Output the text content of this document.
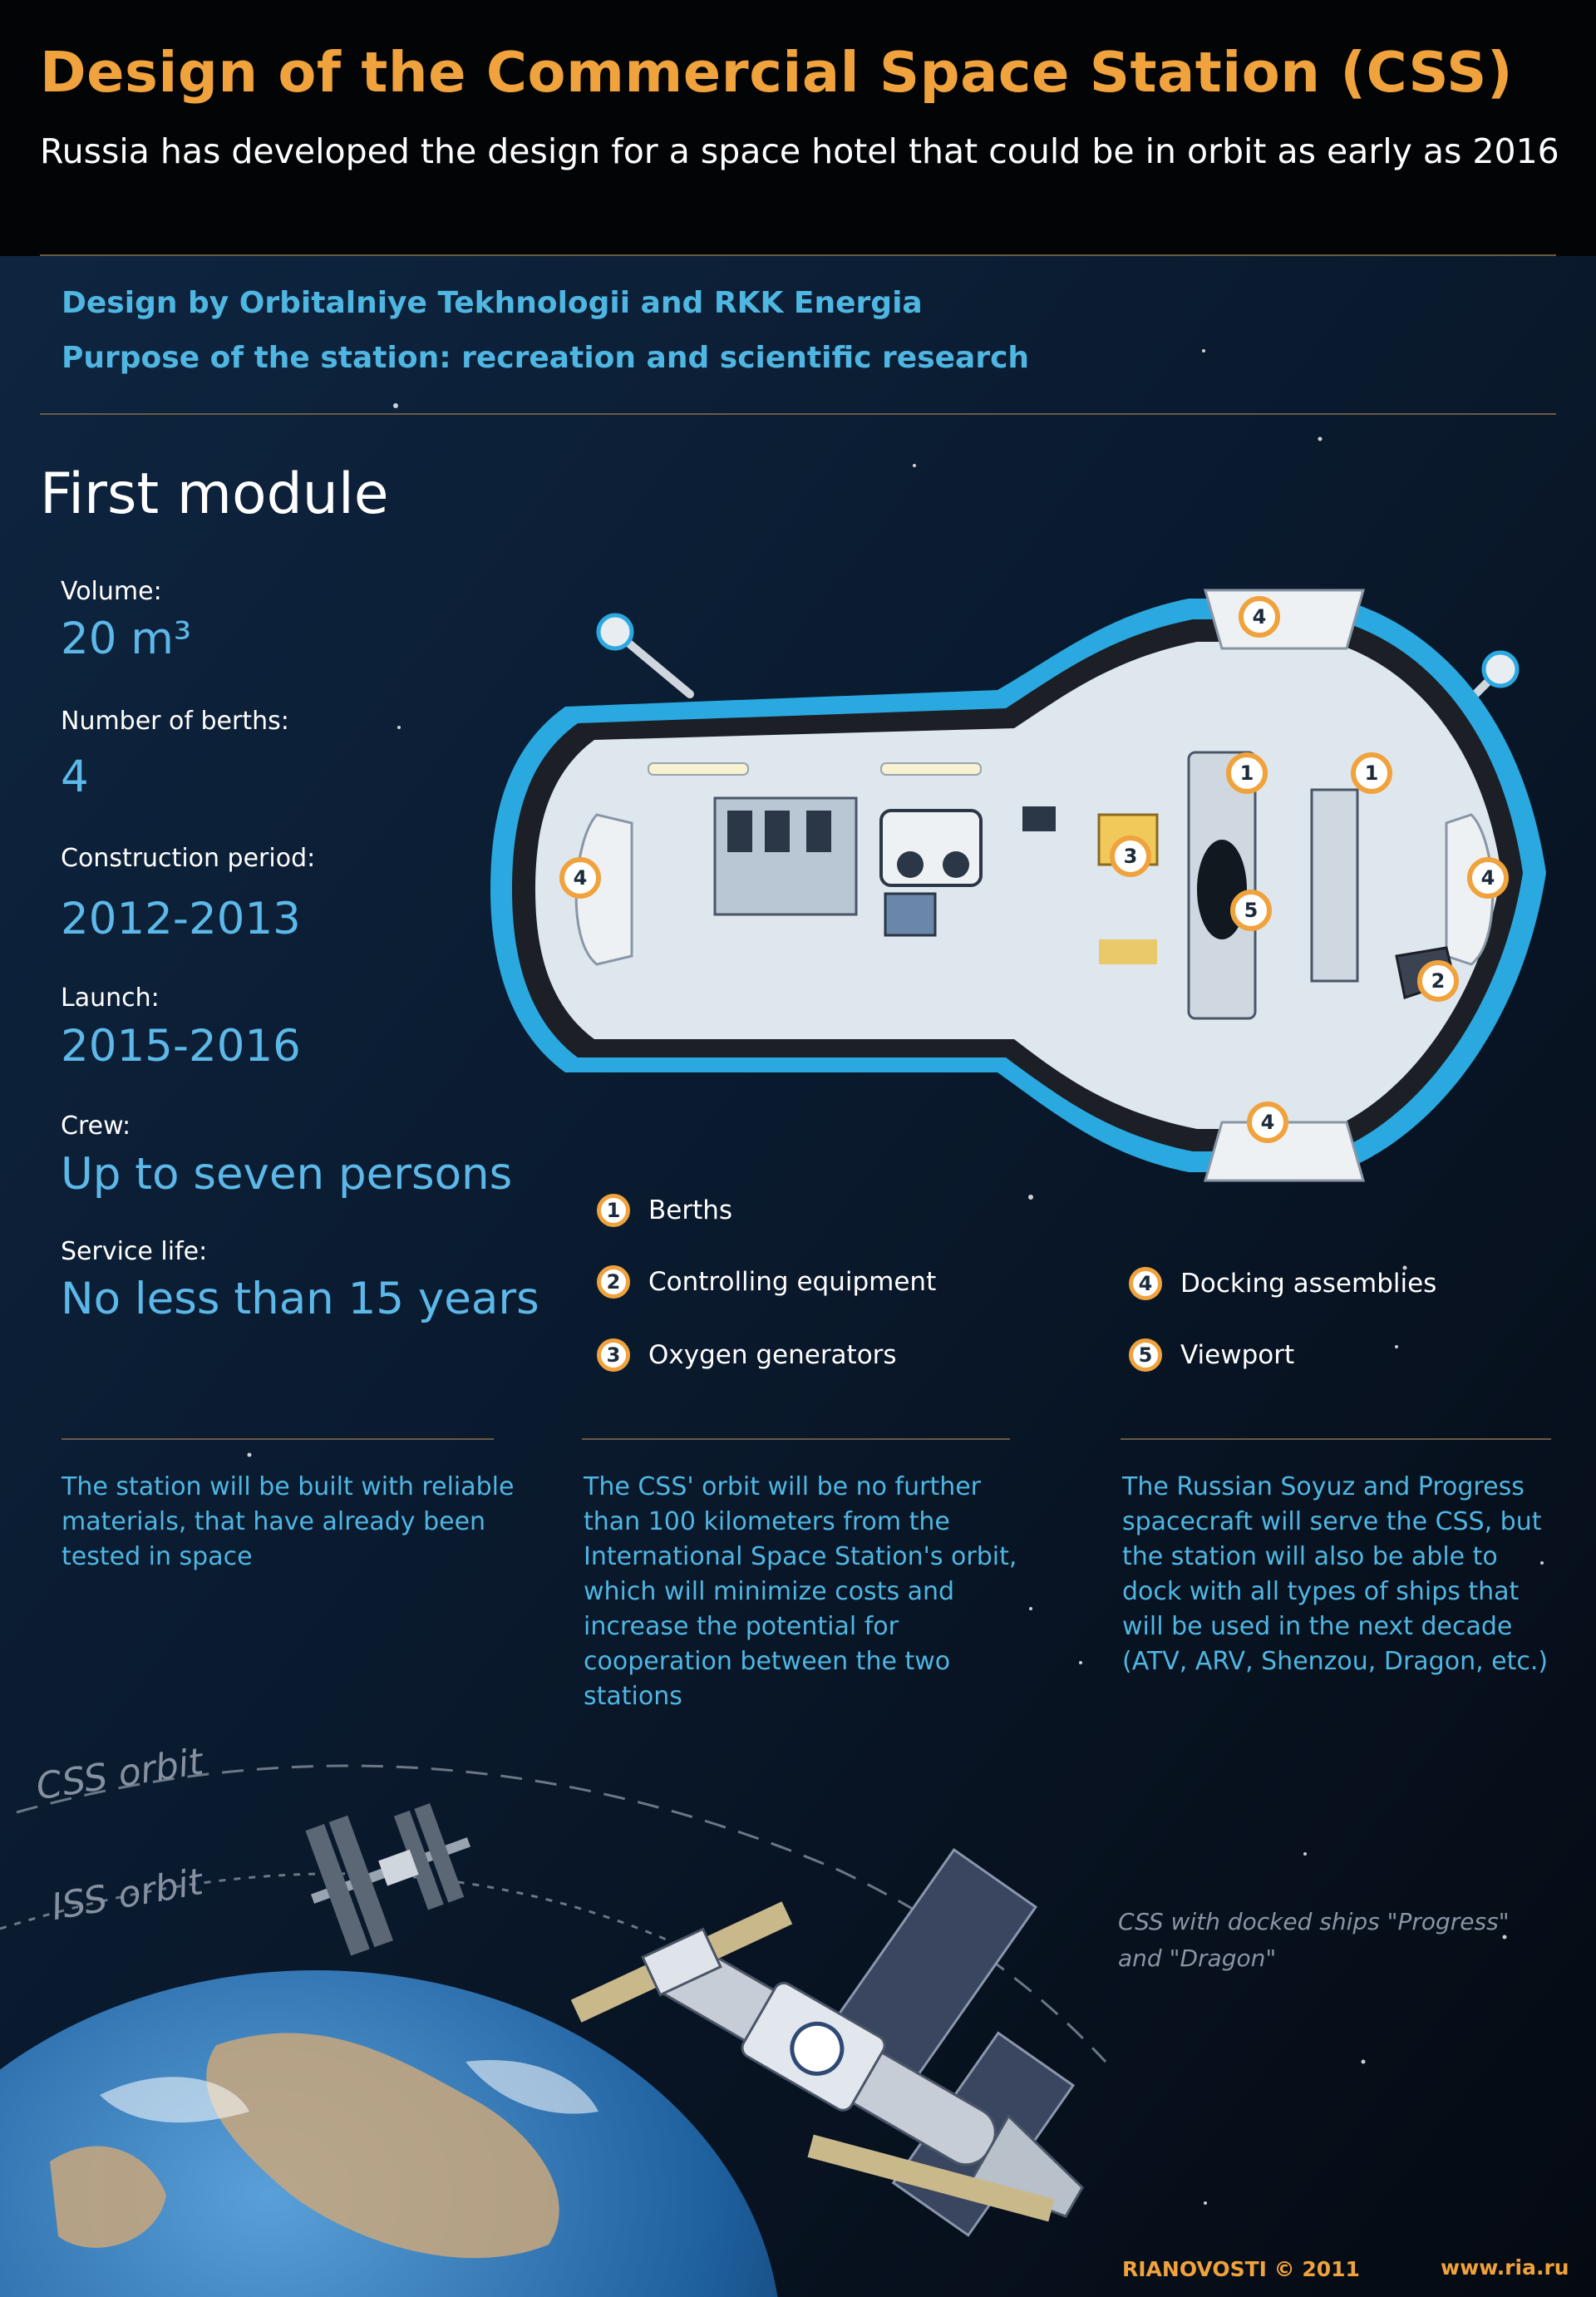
Design of the Commercial Space Station (CSS)
Russia has developed the design for a space hotel that could be in orbit as early as 2016
Design by Orbitalniye Tekhnologii and RKK Energia
Purpose of the station: recreation and scientific research
First module
Volume:
20 m³
Number of berths:
4
Construction period:
2012-2013
Launch:
2015-2016
Crew:
Up to seven persons
Service life:
No less than 15 years
1	1
2
3
4
4	4
4
5
1	Berths
2	Controlling equipment
3	Oxygen generators
4	Docking assemblies
5	Viewport
The station will be built with reliable materials, that have already been tested in space
The CSS' orbit will be no further than 100 kilometers from the International Space Station's orbit, which will minimize costs and increase the potential for cooperation between the two stations
The Russian Soyuz and Progress spacecraft will serve the CSS, but the station will also be able to dock with all types of ships that will be used in the next decade (ATV, ARV, Shenzou, Dragon, etc.)
CSS orbit
ISS orbit	CSS with docked ships "Progress" and "Dragon"
RIANOVOSTI © 2011	www.ria.ru
